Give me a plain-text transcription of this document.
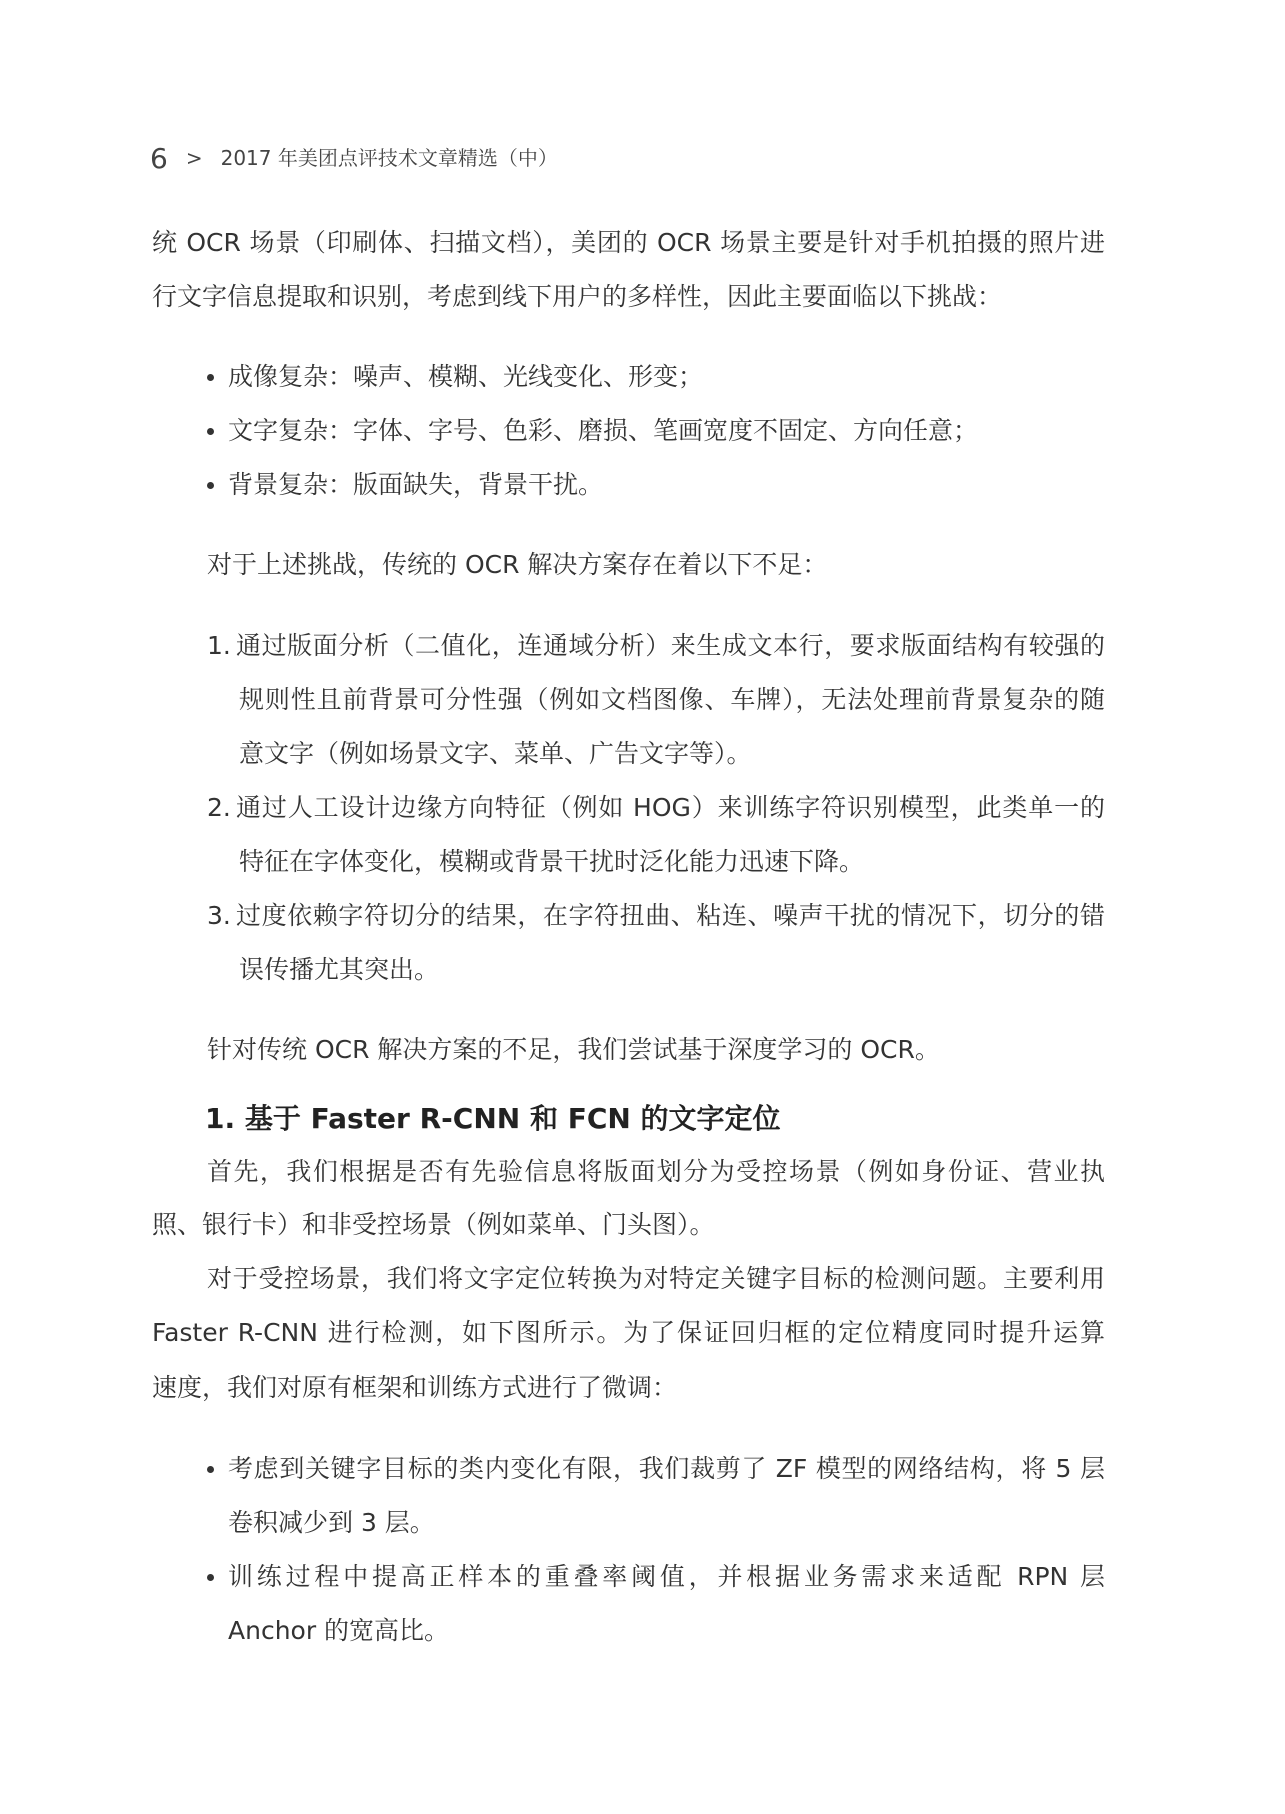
6 > 2017 年美团点评技术文章精选（中）
统 OCR 场景（印刷体、扫描文档），美团的 OCR 场景主要是针对手机拍摄的照片进
行文字信息提取和识别，考虑到线下用户的多样性，因此主要面临以下挑战：
成像复杂：噪声、模糊、光线变化、形变；
文字复杂：字体、字号、色彩、磨损、笔画宽度不固定、方向任意；
背景复杂：版面缺失，背景干扰。
对于上述挑战，传统的 OCR 解决方案存在着以下不足：
1. 通过版面分析（二值化，连通域分析）来生成文本行，要求版面结构有较强的
规则性且前背景可分性强（例如文档图像、车牌），无法处理前背景复杂的随
意文字（例如场景文字、菜单、广告文字等）。
2. 通过人工设计边缘方向特征（例如 HOG）来训练字符识别模型，此类单一的
特征在字体变化，模糊或背景干扰时泛化能力迅速下降。
3. 过度依赖字符切分的结果，在字符扭曲、粘连、噪声干扰的情况下，切分的错
误传播尤其突出。
针对传统 OCR 解决方案的不足，我们尝试基于深度学习的 OCR。
1. 基于 Faster R-CNN 和 FCN 的文字定位
首先，我们根据是否有先验信息将版面划分为受控场景（例如身份证、营业执
照、银行卡）和非受控场景（例如菜单、门头图）。
对于受控场景，我们将文字定位转换为对特定关键字目标的检测问题。主要利用
Faster R-CNN 进行检测，如下图所示。为了保证回归框的定位精度同时提升运算
速度，我们对原有框架和训练方式进行了微调：
考虑到关键字目标的类内变化有限，我们裁剪了 ZF 模型的网络结构，将 5 层
卷积减少到 3 层。
训练过程中提高正样本的重叠率阈值，并根据业务需求来适配 RPN 层
Anchor 的宽高比。
